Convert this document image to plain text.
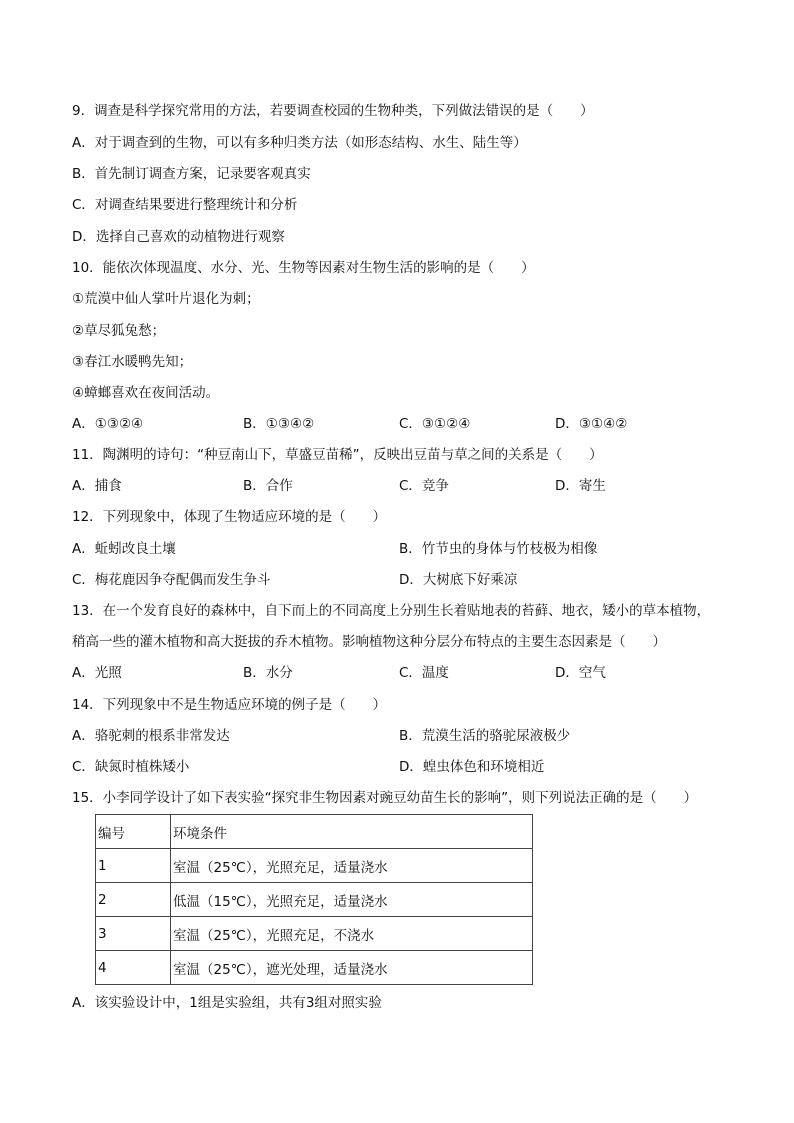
9．调查是科学探究常用的方法，若要调查校园的生物种类，下列做法错误的是（　　）
A．对于调查到的生物，可以有多种归类方法（如形态结构、水生、陆生等）
B．首先制订调查方案，记录要客观真实
C．对调查结果要进行整理统计和分析
D．选择自己喜欢的动植物进行观察
10．能依次体现温度、水分、光、生物等因素对生物生活的影响的是（　　）
①荒漠中仙人掌叶片退化为刺；
②草尽狐兔愁；
③春江水暖鸭先知；
④蟑螂喜欢在夜间活动。
A．①③②④	B．①③④②	C．③①②④	D．③①④②
11．陶渊明的诗句：“种豆南山下，草盛豆苗稀”，反映出豆苗与草之间的关系是（　　）
A．捕食	B．合作	C．竞争	D．寄生
12．下列现象中，体现了生物适应环境的是（　　）
A．蚯蚓改良土壤	B．竹节虫的身体与竹枝极为相像
C．梅花鹿因争夺配偶而发生争斗	D．大树底下好乘凉
13．在一个发育良好的森林中，自下而上的不同高度上分别生长着贴地表的苔藓、地衣，矮小的草本植物，
稍高一些的灌木植物和高大挺拔的乔木植物。影响植物这种分层分布特点的主要生态因素是（　　）
A．光照	B．水分	C．温度	D．空气
14．下列现象中不是生物适应环境的例子是（　　）
A．骆驼刺的根系非常发达	B．荒漠生活的骆驼尿液极少
C．缺氮时植株矮小	D．蝗虫体色和环境相近
15．小李同学设计了如下表实验“探究非生物因素对豌豆幼苗生长的影响”，则下列说法正确的是（　　）
编号	环境条件
1	室温（25℃），光照充足，适量浇水
2	低温（15℃），光照充足，适量浇水
3	室温（25℃），光照充足，不浇水
4	室温（25℃），遮光处理，适量浇水
A．该实验设计中，1组是实验组，共有3组对照实验
